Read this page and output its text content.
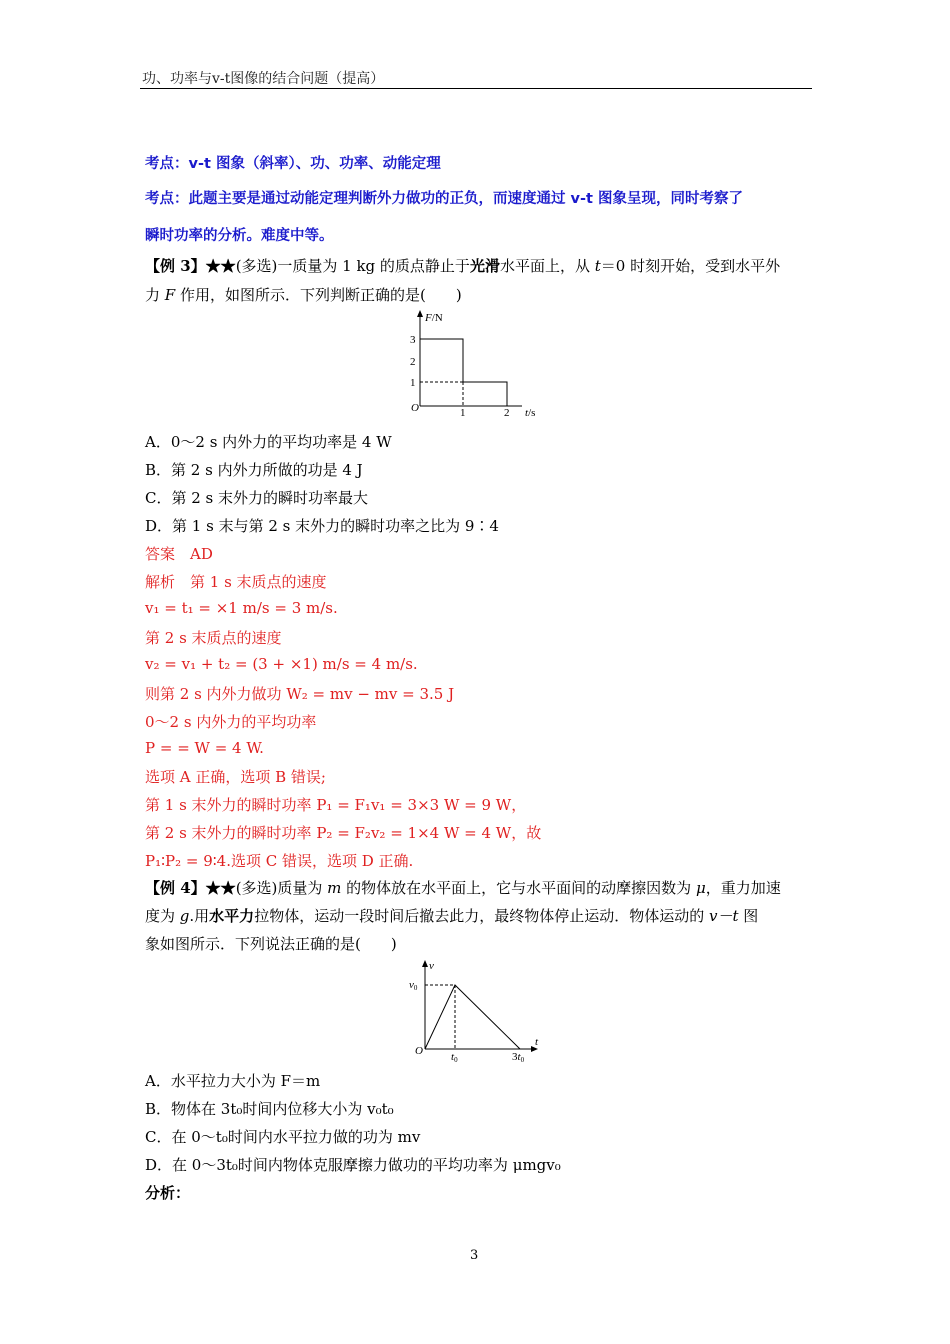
功、功率与v-t图像的结合问题（提高）
考点：v-t 图象（斜率）、功、功率、动能定理
考点：此题主要是通过动能定理判断外力做功的正负，而速度通过 v-t 图象呈现，同时考察了
瞬时功率的分析。难度中等。
【例 3】★★(多选)一质量为 1 kg 的质点静止于光滑水平面上，从 t＝0 时刻开始，受到水平外
力 F 作用，如图所示．下列判断正确的是(　　)
F/N
3
2
1
O	1	2 t/s
A．0～2 s 内外力的平均功率是 4 W
B．第 2 s 内外力所做的功是 4 J
C．第 2 s 末外力的瞬时功率最大
D．第 1 s 末与第 2 s 末外力的瞬时功率之比为 9∶4
答案　AD
解析　第 1 s 末质点的速度
v₁ = t₁ = ×1 m/s = 3 m/s.
第 2 s 末质点的速度
v₂ = v₁ + t₂ = (3 + ×1) m/s = 4 m/s.
则第 2 s 内外力做功 W₂ = mv − mv = 3.5 J
0～2 s 内外力的平均功率
P = = W = 4 W.
选项 A 正确，选项 B 错误;
第 1 s 末外力的瞬时功率 P₁ = F₁v₁ = 3×3 W = 9 W，
第 2 s 末外力的瞬时功率 P₂ = F₂v₂ = 1×4 W = 4 W，故
P₁∶P₂ = 9∶4.选项 C 错误，选项 D 正确.
【例 4】★★(多选)质量为 m 的物体放在水平面上，它与水平面间的动摩擦因数为 μ，重力加速
度为 g.用水平力拉物体，运动一段时间后撤去此力，最终物体停止运动．物体运动的 v－t 图
象如图所示．下列说法正确的是(　　)
v
v0
O	t0	3t0
t
A．水平拉力大小为 F＝m
B．物体在 3t₀时间内位移大小为 v₀t₀
C．在 0～t₀时间内水平拉力做的功为 mv
D．在 0～3t₀时间内物体克服摩擦力做功的平均功率为 μmgv₀
分析：
3
